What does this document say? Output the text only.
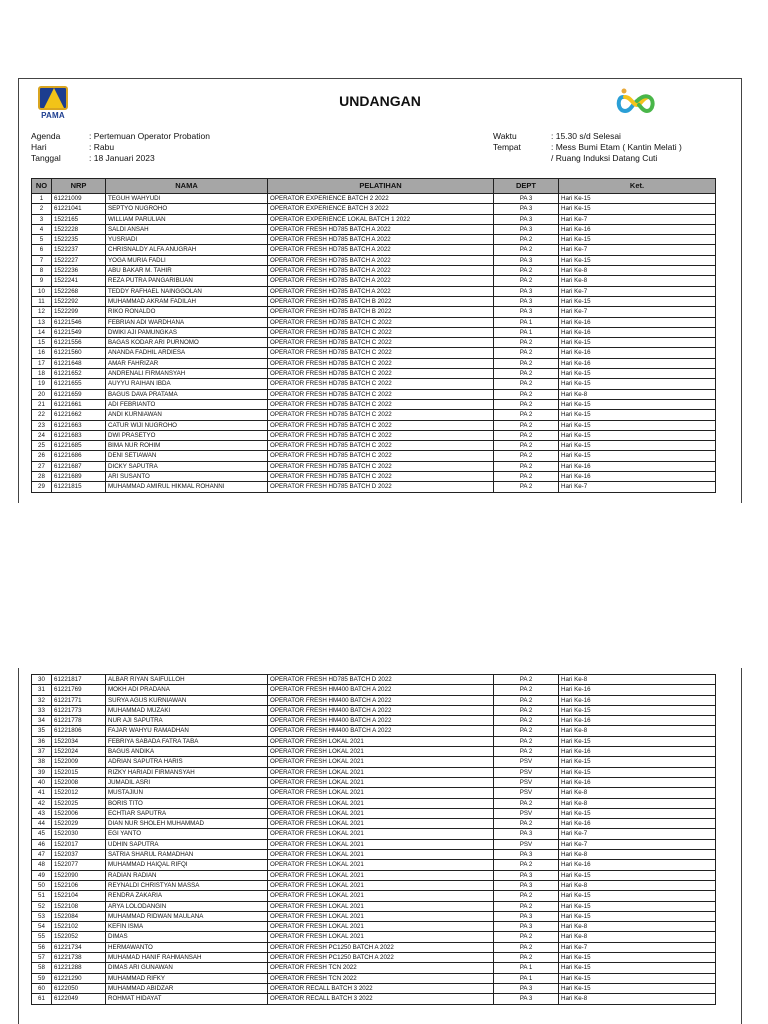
PAMA
UNDANGAN
Agenda	: Pertemuan Operator Probation
Hari	: Rabu
Tanggal	: 18 Januari 2023
Waktu	: 15.30 s/d Selesai
Tempat	: Mess Bumi Etam ( Kantin Melati )
/ Ruang Induksi Datang Cuti
NO	NRP	NAMA	PELATIHAN	DEPT	Ket.
1	61221009	TEGUH WAHYUDI	OPERATOR EXPERIENCE BATCH 2 2022	PA 3	Hari Ke-15
2	61221041	SEPTYO NUGROHO	OPERATOR EXPERIENCE BATCH 3 2022	PA 3	Hari Ke-15
3	1522165	WILLIAM PARULIAN	OPERATOR EXPERIENCE LOKAL BATCH 1 2022	PA 3	Hari Ke-7
4	1522228	SALDI ANSAH	OPERATOR FRESH HD785 BATCH A 2022	PA 3	Hari Ke-16
5	1522235	YUSRIADI	OPERATOR FRESH HD785 BATCH A 2022	PA 2	Hari Ke-15
6	1522237	CHRISNALDY ALFA ANUGRAH	OPERATOR FRESH HD785 BATCH A 2022	PA 2	Hari Ke-7
7	1522227	YOGA MURIA FADLI	OPERATOR FRESH HD785 BATCH A 2022	PA 3	Hari Ke-15
8	1522236	ABU BAKAR M. TAHIR	OPERATOR FRESH HD785 BATCH A 2022	PA 2	Hari Ke-8
9	1522241	REZA PUTRA PANGARIBUAN	OPERATOR FRESH HD785 BATCH A 2022	PA 2	Hari Ke-8
10	1522268	TEDDY RAFHAEL NAINGGOLAN	OPERATOR FRESH HD785 BATCH A 2022	PA 3	Hari Ke-7
11	1522292	MUHAMMAD AKRAM FADILAH	OPERATOR FRESH HD785 BATCH B 2022	PA 3	Hari Ke-15
12	1522299	RIKO RONALDO	OPERATOR FRESH HD785 BATCH B 2022	PA 3	Hari Ke-7
13	61221546	FEBRIAN ADI WARDHANA	OPERATOR FRESH HD785 BATCH C 2022	PA 1	Hari Ke-16
14	61221549	DWIKI AJI PAMUNGKAS	OPERATOR FRESH HD785 BATCH C 2022	PA 1	Hari Ke-16
15	61221556	BAGAS KODAR ARI PURNOMO	OPERATOR FRESH HD785 BATCH C 2022	PA 2	Hari Ke-15
16	61221560	ANANDA FADHIL ARDIESA	OPERATOR FRESH HD785 BATCH C 2022	PA 2	Hari Ke-16
17	61221648	AMAR FAHRIZAR	OPERATOR FRESH HD785 BATCH C 2022	PA 2	Hari Ke-16
18	61221652	ANDRENALI FIRMANSYAH	OPERATOR FRESH HD785 BATCH C 2022	PA 2	Hari Ke-15
19	61221655	AUYYU RAIHAN IBDA	OPERATOR FRESH HD785 BATCH C 2022	PA 2	Hari Ke-15
20	61221659	BAGUS DAVA PRATAMA	OPERATOR FRESH HD785 BATCH C 2022	PA 2	Hari Ke-8
21	61221661	ADI FEBRIANTO	OPERATOR FRESH HD785 BATCH C 2022	PA 2	Hari Ke-15
22	61221662	ANDI KURNIAWAN	OPERATOR FRESH HD785 BATCH C 2022	PA 2	Hari Ke-15
23	61221663	CATUR WIJI NUGROHO	OPERATOR FRESH HD785 BATCH C 2022	PA 2	Hari Ke-15
24	61221683	DWI PRASETYO	OPERATOR FRESH HD785 BATCH C 2022	PA 2	Hari Ke-15
25	61221685	BIMA NUR ROHIM	OPERATOR FRESH HD785 BATCH C 2022	PA 2	Hari Ke-15
26	61221686	DENI SETIAWAN	OPERATOR FRESH HD785 BATCH C 2022	PA 2	Hari Ke-15
27	61221687	DICKY SAPUTRA	OPERATOR FRESH HD785 BATCH C 2022	PA 2	Hari Ke-16
28	61221689	ARI SUSANTO	OPERATOR FRESH HD785 BATCH C 2022	PA 2	Hari Ke-16
29	61221815	MUHAMMAD AMIRUL HIKMAL ROHANNI	OPERATOR FRESH HD785 BATCH D 2022	PA 2	Hari Ke-7
30	61221817	ALBAR RIYAN SAIFULLOH	OPERATOR FRESH HD785 BATCH D 2022	PA 2	Hari Ke-8
31	61221769	MOKH ADI PRADANA	OPERATOR FRESH HM400 BATCH A 2022	PA 2	Hari Ke-16
32	61221771	SURYA AGUS KURNIAWAN	OPERATOR FRESH HM400 BATCH A 2022	PA 2	Hari Ke-16
33	61221773	MUHAMMAD MUZAKI	OPERATOR FRESH HM400 BATCH A 2022	PA 2	Hari Ke-15
34	61221778	NUR AJI SAPUTRA	OPERATOR FRESH HM400 BATCH A 2022	PA 2	Hari Ke-16
35	61221806	FAJAR WAHYU RAMADHAN	OPERATOR FRESH HM400 BATCH A 2022	PA 2	Hari Ke-8
36	1522034	FEBRIYA SABADA FATRA TABA	OPERATOR FRESH LOKAL 2021	PA 2	Hari Ke-15
37	1522024	BAGUS ANDIKA	OPERATOR FRESH LOKAL 2021	PA 2	Hari Ke-16
38	1522009	ADRIAN SAPUTRA HARIS	OPERATOR FRESH LOKAL 2021	PSV	Hari Ke-15
39	1522015	RIZKY HARIADI FIRMANSYAH	OPERATOR FRESH LOKAL 2021	PSV	Hari Ke-15
40	1522008	JUMADIL ASRI	OPERATOR FRESH LOKAL 2021	PSV	Hari Ke-16
41	1522012	MUSTAJIUN	OPERATOR FRESH LOKAL 2021	PSV	Hari Ke-8
42	1522025	BORIS TITO	OPERATOR FRESH LOKAL 2021	PA 2	Hari Ke-8
43	1522006	ECHTIAR SAPUTRA	OPERATOR FRESH LOKAL 2021	PSV	Hari Ke-15
44	1522029	DIAN NUR SHOLEH MUHAMMAD	OPERATOR FRESH LOKAL 2021	PA 2	Hari Ke-16
45	1522030	EGI YANTO	OPERATOR FRESH LOKAL 2021	PA 3	Hari Ke-7
46	1522017	UDHIN SAPUTRA	OPERATOR FRESH LOKAL 2021	PSV	Hari Ke-7
47	1522037	SATRIA SHARUL RAMADHAN	OPERATOR FRESH LOKAL 2021	PA 3	Hari Ke-8
48	1522077	MUHAMMAD HAIQAL RIFQI	OPERATOR FRESH LOKAL 2021	PA 2	Hari Ke-16
49	1522090	RADIAN RADIAN	OPERATOR FRESH LOKAL 2021	PA 3	Hari Ke-15
50	1522106	REYNALDI CHRISTYAN MASSA	OPERATOR FRESH LOKAL 2021	PA 3	Hari Ke-8
51	1522104	RENDRA ZAKARIA	OPERATOR FRESH LOKAL 2021	PA 2	Hari Ke-15
52	1522108	ARYA LOLODANGIN	OPERATOR FRESH LOKAL 2021	PA 2	Hari Ke-15
53	1522084	MUHAMMAD RIDWAN MAULANA	OPERATOR FRESH LOKAL 2021	PA 3	Hari Ke-15
54	1522102	KEFIN ISMA	OPERATOR FRESH LOKAL 2021	PA 3	Hari Ke-8
55	1522052	DIMAS	OPERATOR FRESH LOKAL 2021	PA 2	Hari Ke-8
56	61221734	HERMAWANTO	OPERATOR FRESH PC1250 BATCH A 2022	PA 2	Hari Ke-7
57	61221738	MUHAMAD HANIF RAHMANSAH	OPERATOR FRESH PC1250 BATCH A 2022	PA 2	Hari Ke-15
58	61221288	DIMAS ARI GUNAWAN	OPERATOR FRESH TCN 2022	PA 1	Hari Ke-15
59	61221290	MUHAMMAD RIFKY	OPERATOR FRESH TCN 2022	PA 1	Hari Ke-15
60	6122050	MUHAMMAD ABIDZAR	OPERATOR RECALL BATCH 3 2022	PA 3	Hari Ke-15
61	6122049	ROHMAT HIDAYAT	OPERATOR RECALL BATCH 3 2022	PA 3	Hari Ke-8
